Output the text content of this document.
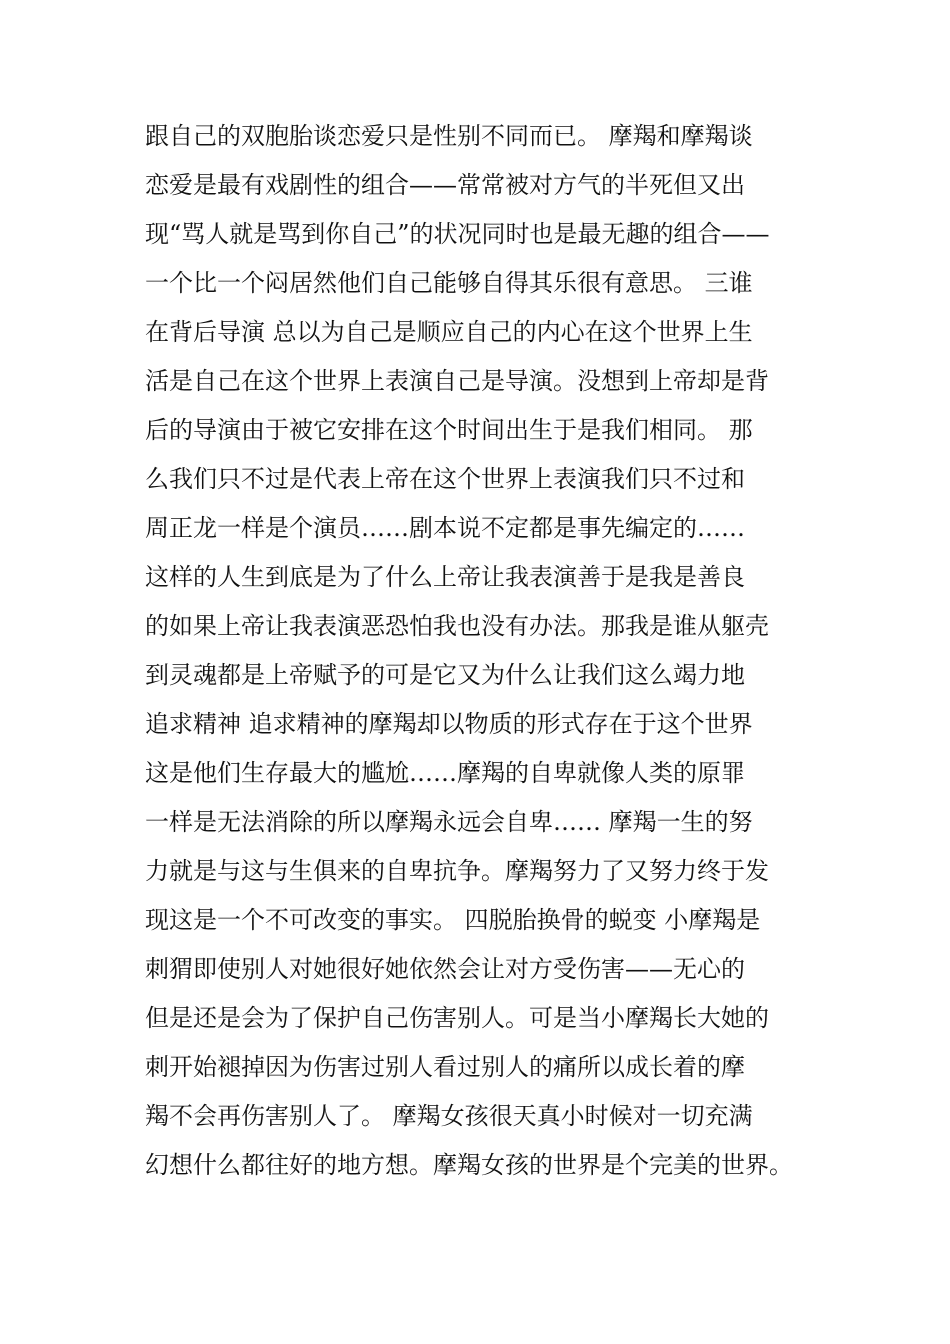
跟自己的双胞胎谈恋爱只是性别不同而已。 摩羯和摩羯谈
恋爱是最有戏剧性的组合——常常被对方气的半死但又出
现“骂人就是骂到你自己”的状况同时也是最无趣的组合——
一个比一个闷居然他们自己能够自得其乐很有意思。 三谁
在背后导演 总以为自己是顺应自己的内心在这个世界上生
活是自己在这个世界上表演自己是导演。没想到上帝却是背
后的导演由于被它安排在这个时间出生于是我们相同。 那
么我们只不过是代表上帝在这个世界上表演我们只不过和
周正龙一样是个演员……剧本说不定都是事先编定的……
这样的人生到底是为了什么上帝让我表演善于是我是善良
的如果上帝让我表演恶恐怕我也没有办法。那我是谁从躯壳
到灵魂都是上帝赋予的可是它又为什么让我们这么竭力地
追求精神 追求精神的摩羯却以物质的形式存在于这个世界
这是他们生存最大的尴尬……摩羯的自卑就像人类的原罪
一样是无法消除的所以摩羯永远会自卑…… 摩羯一生的努
力就是与这与生俱来的自卑抗争。摩羯努力了又努力终于发
现这是一个不可改变的事实。 四脱胎换骨的蜕变 小摩羯是
刺猬即使别人对她很好她依然会让对方受伤害——无心的
但是还是会为了保护自己伤害别人。可是当小摩羯长大她的
刺开始褪掉因为伤害过别人看过别人的痛所以成长着的摩
羯不会再伤害别人了。 摩羯女孩很天真小时候对一切充满
幻想什么都往好的地方想。摩羯女孩的世界是个完美的世界。
